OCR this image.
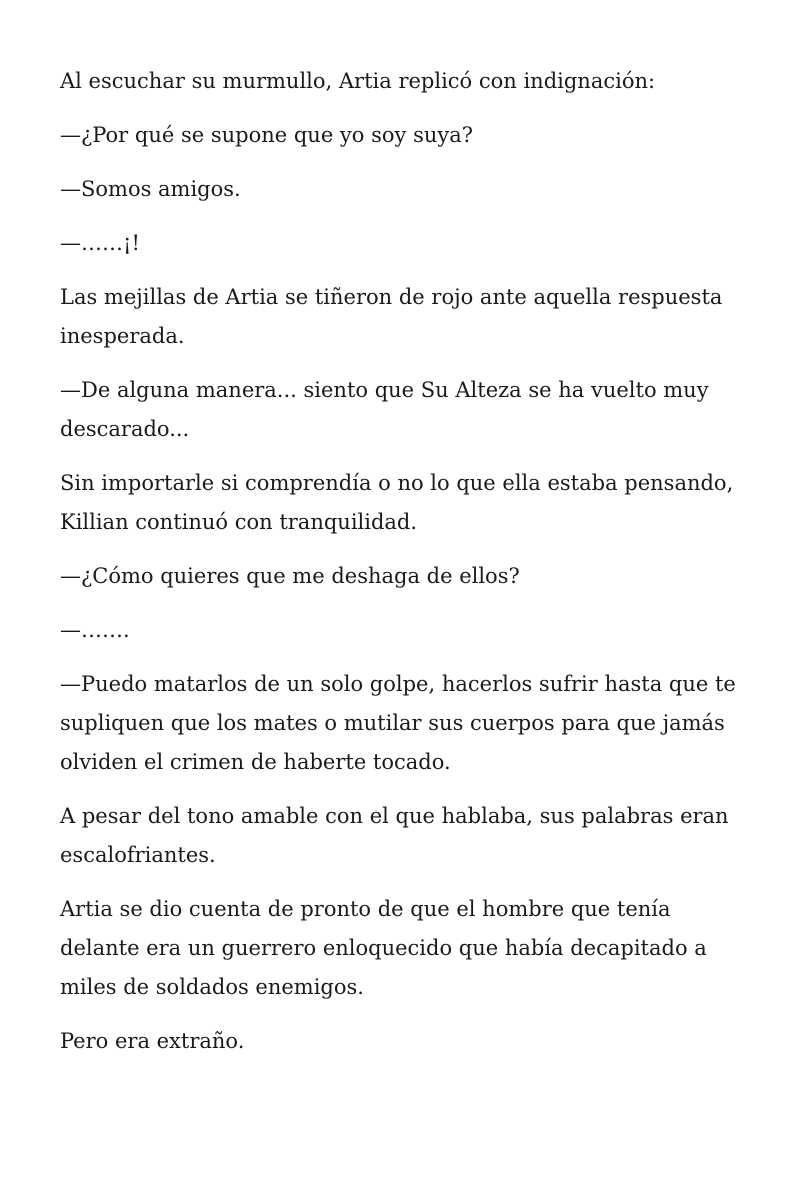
Al escuchar su murmullo, Artia replicó con indignación:

—¿Por qué se supone que yo soy suya?

—Somos amigos.

—……¡!

Las mejillas de Artia se tiñeron de rojo ante aquella respuesta inesperada.

—De alguna manera... siento que Su Alteza se ha vuelto muy descarado...

Sin importarle si comprendía o no lo que ella estaba pensando, Killian continuó con tranquilidad.

—¿Cómo quieres que me deshaga de ellos?

—…….

—Puedo matarlos de un solo golpe, hacerlos sufrir hasta que te supliquen que los mates o mutilar sus cuerpos para que jamás olviden el crimen de haberte tocado.

A pesar del tono amable con el que hablaba, sus palabras eran escalofriantes.

Artia se dio cuenta de pronto de que el hombre que tenía delante era un guerrero enloquecido que había decapitado a miles de soldados enemigos.

Pero era extraño.
